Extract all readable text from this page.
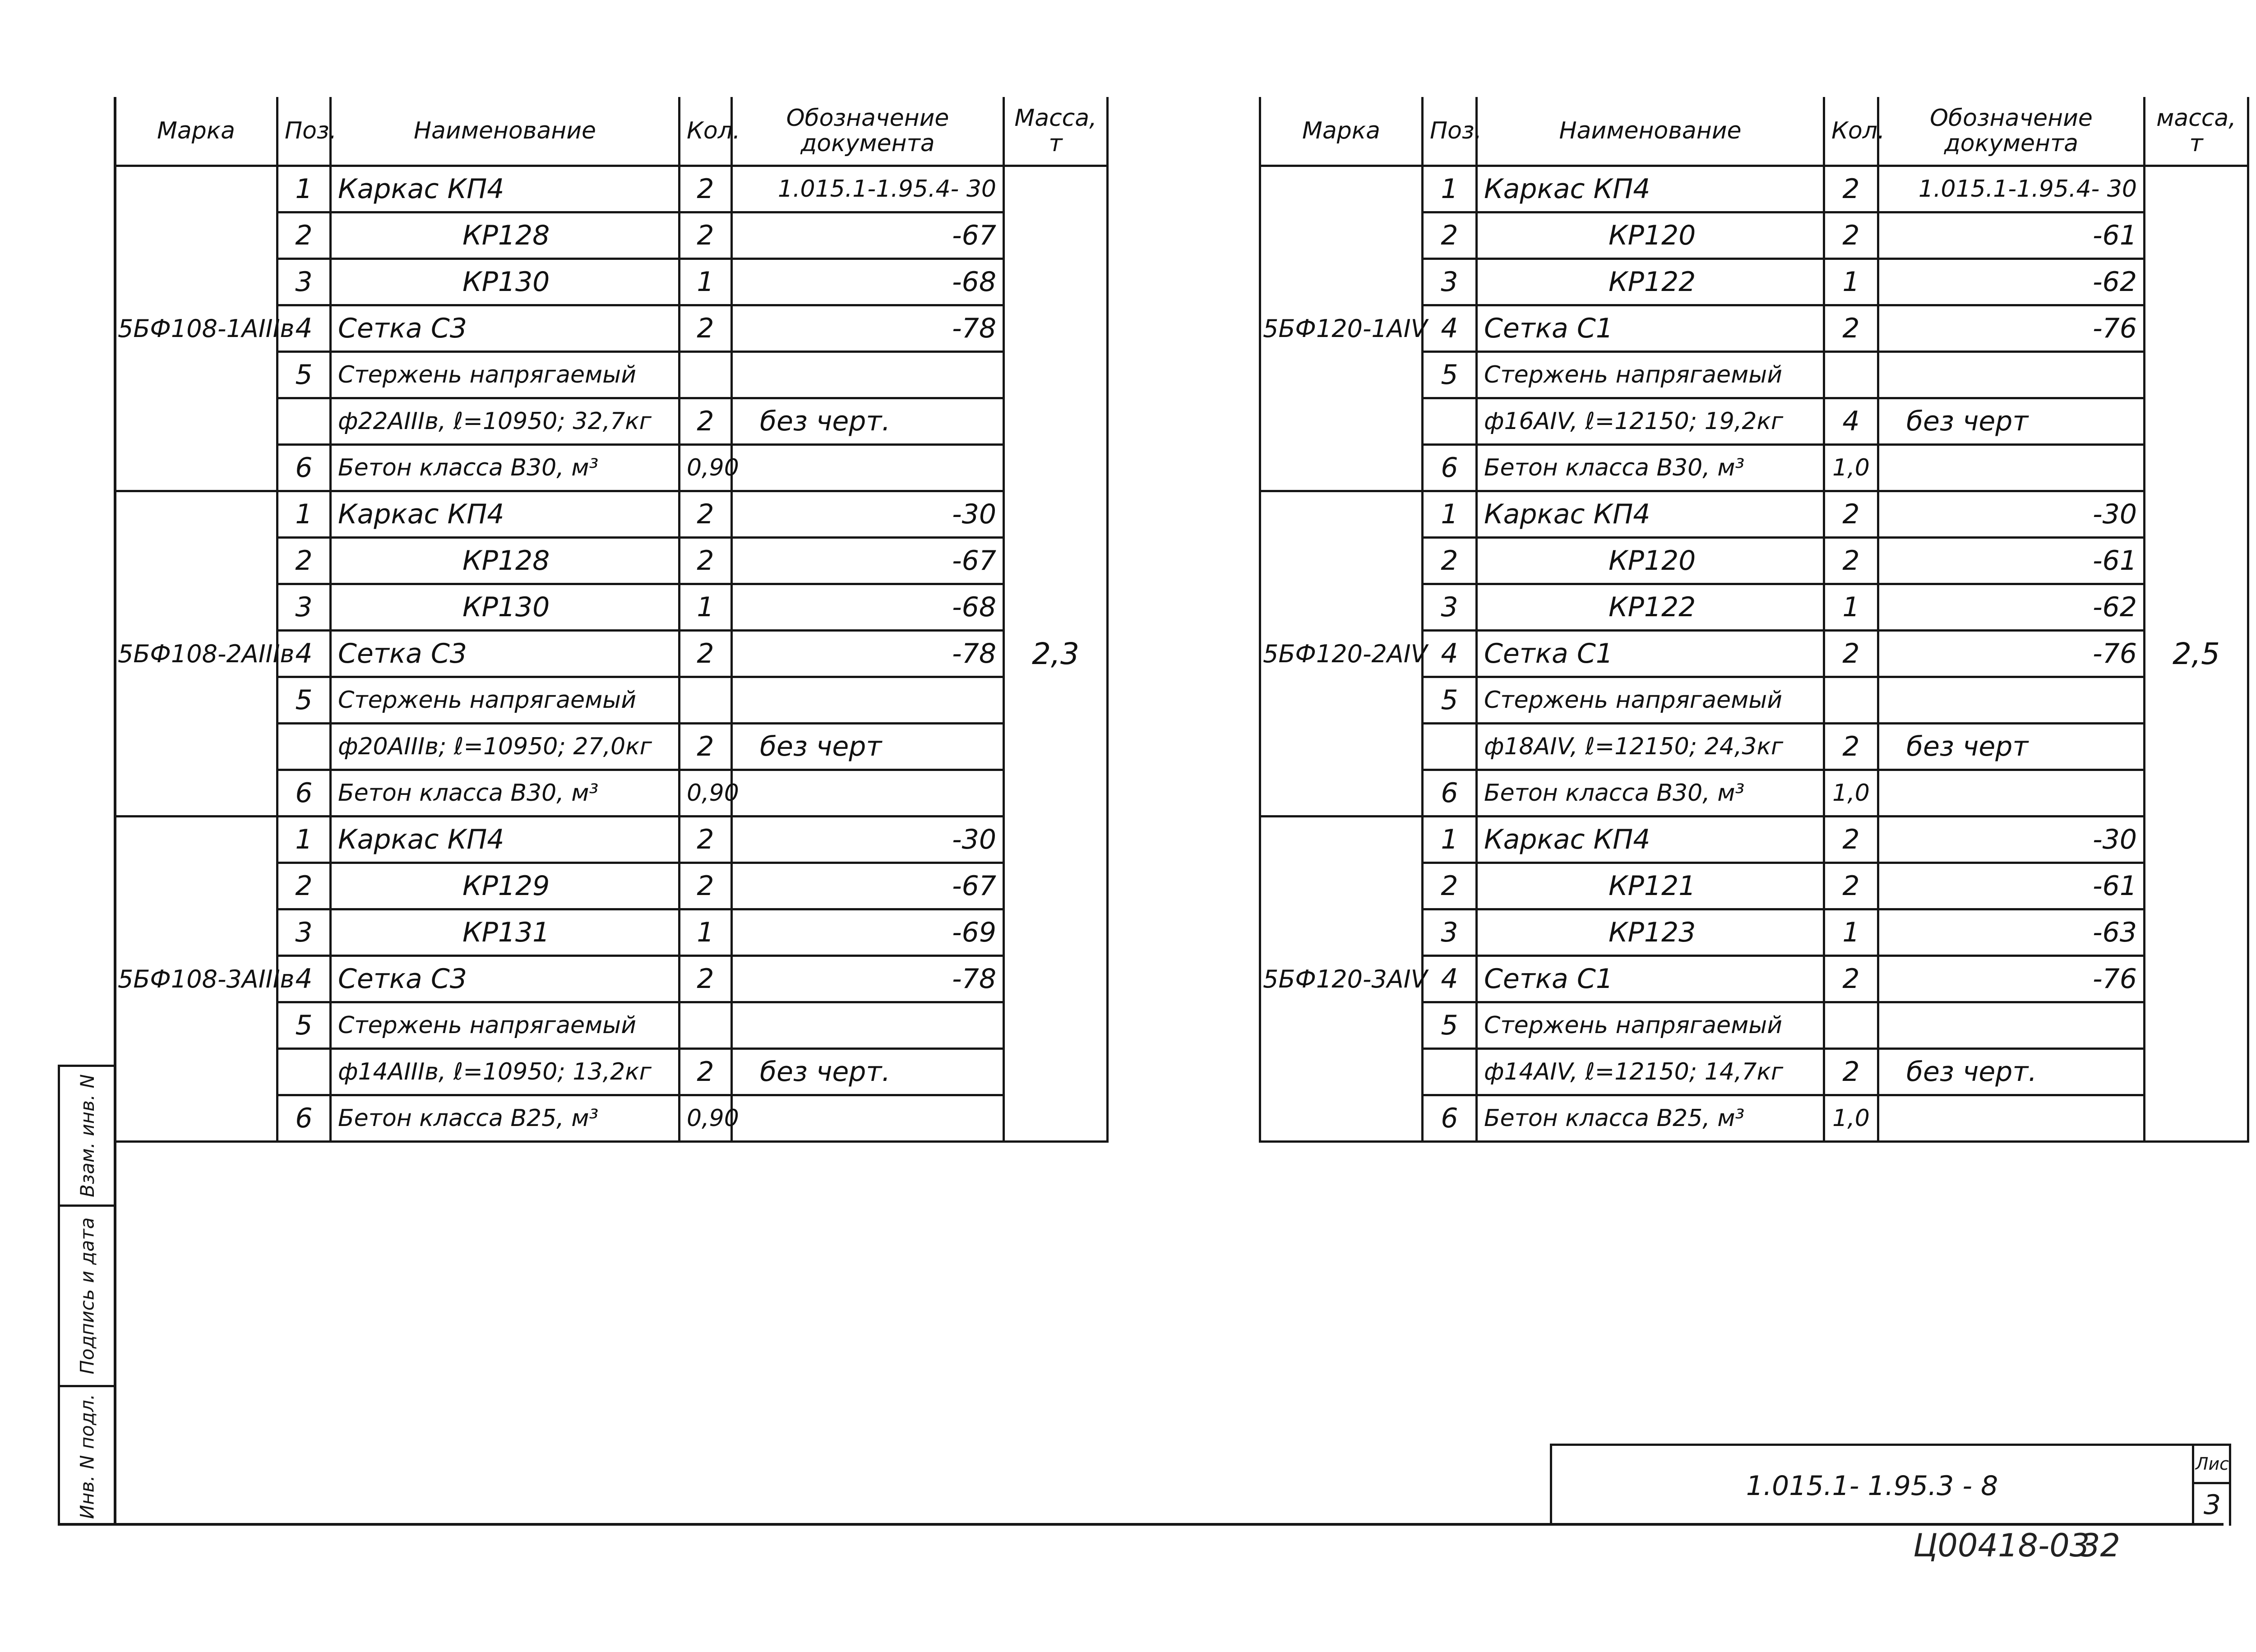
Марка	Поз.	Наименование	Кол.	Обозначение документа	Масса, т
5БФ108-1AIIIв	1	Каркас КП4	2	1.015.1-1.95.4- 30	2,3
	2	КР128	2	-67	
	3	КР130	1	-68	
	4	Сетка С3	2	-78	
	5	Стержень напрягаемый			
		ф22АIIIв, ℓ=10950; 32,7кг	2	без черт.	
	6	Бетон класса В30, м³	0,90		
5БФ108-2AIIIв	1	Каркас КП4	2	-30	
	2	КР128	2	-67	
	3	КР130	1	-68	
	4	Сетка С3	2	-78	
	5	Стержень напрягаемый			
		ф20АIIIв; ℓ=10950; 27,0кг	2	без черт	
	6	Бетон класса В30, м³	0,90		
5БФ108-3AIIIв	1	Каркас КП4	2	-30	
	2	КР129	2	-67	
	3	КР131	1	-69	
	4	Сетка С3	2	-78	
	5	Стержень напрягаемый			
		ф14АIIIв, ℓ=10950; 13,2кг	2	без черт.	
	6	Бетон класса В25, м³	0,90		
Марка	Поз.	Наименование	Кол.	Обозначение документа	масса, т
5БФ120-1AIV	1	Каркас КП4	2	1.015.1-1.95.4- 30	2,5
	2	КР120	2	-61	
	3	КР122	1	-62	
	4	Сетка С1	2	-76	
	5	Стержень напрягаемый			
		ф16АIV, ℓ=12150; 19,2кг	4	без черт	
	6	Бетон класса В30, м³	1,0		
5БФ120-2AIV	1	Каркас КП4	2	-30	
	2	КР120	2	-61	
	3	КР122	1	-62	
	4	Сетка С1	2	-76	
	5	Стержень напрягаемый			
		ф18АIV, ℓ=12150; 24,3кг	2	без черт	
	6	Бетон класса В30, м³	1,0		
5БФ120-3AIV	1	Каркас КП4	2	-30	
	2	КР121	2	-61	
	3	КР123	1	-63	
	4	Сетка С1	2	-76	
	5	Стержень напрягаемый			
		ф14АIV, ℓ=12150; 14,7кг	2	без черт.	
	6	Бетон класса В25, м³	1,0		
Взам. инв. N
Подпись и дата
Инв. N подл.	1.015.1- 1.95.3 - 8
Лис
3
Ц00418-03
32
